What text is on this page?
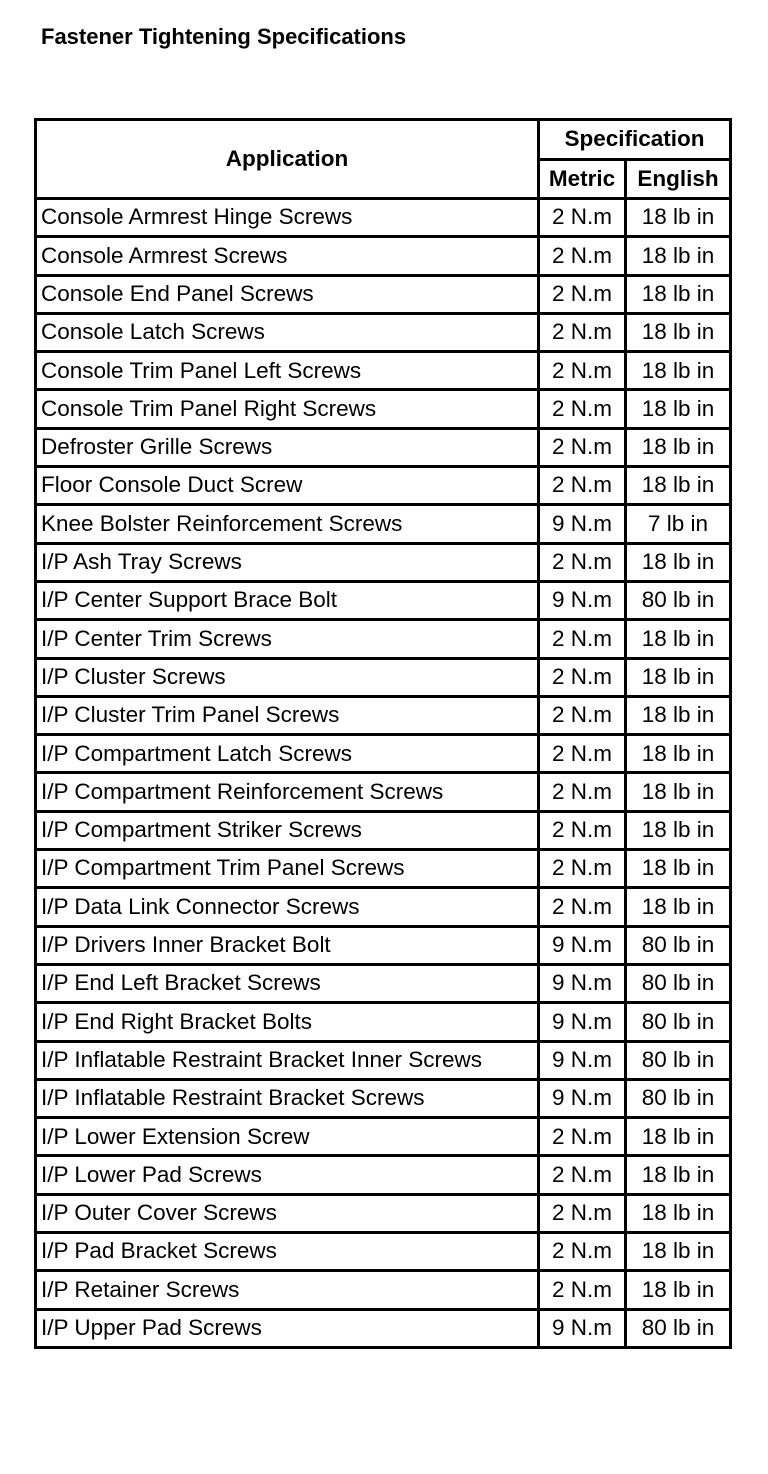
Fastener Tightening Specifications
Application	Specification	
	Metric	English
Console Armrest Hinge Screws	2 N.m	18 lb in
Console Armrest Screws	2 N.m	18 lb in
Console End Panel Screws	2 N.m	18 lb in
Console Latch Screws	2 N.m	18 lb in
Console Trim Panel Left Screws	2 N.m	18 lb in
Console Trim Panel Right Screws	2 N.m	18 lb in
Defroster Grille Screws	2 N.m	18 lb in
Floor Console Duct Screw	2 N.m	18 lb in
Knee Bolster Reinforcement Screws	9 N.m	7 lb in
I/P Ash Tray Screws	2 N.m	18 lb in
I/P Center Support Brace Bolt	9 N.m	80 lb in
I/P Center Trim Screws	2 N.m	18 lb in
I/P Cluster Screws	2 N.m	18 lb in
I/P Cluster Trim Panel Screws	2 N.m	18 lb in
I/P Compartment Latch Screws	2 N.m	18 lb in
I/P Compartment Reinforcement Screws	2 N.m	18 lb in
I/P Compartment Striker Screws	2 N.m	18 lb in
I/P Compartment Trim Panel Screws	2 N.m	18 lb in
I/P Data Link Connector Screws	2 N.m	18 lb in
I/P Drivers Inner Bracket Bolt	9 N.m	80 lb in
I/P End Left Bracket Screws	9 N.m	80 lb in
I/P End Right Bracket Bolts	9 N.m	80 lb in
I/P Inflatable Restraint Bracket Inner Screws	9 N.m	80 lb in
I/P Inflatable Restraint Bracket Screws	9 N.m	80 lb in
I/P Lower Extension Screw	2 N.m	18 lb in
I/P Lower Pad Screws	2 N.m	18 lb in
I/P Outer Cover Screws	2 N.m	18 lb in
I/P Pad Bracket Screws	2 N.m	18 lb in
I/P Retainer Screws	2 N.m	18 lb in
I/P Upper Pad Screws	9 N.m	80 lb in
